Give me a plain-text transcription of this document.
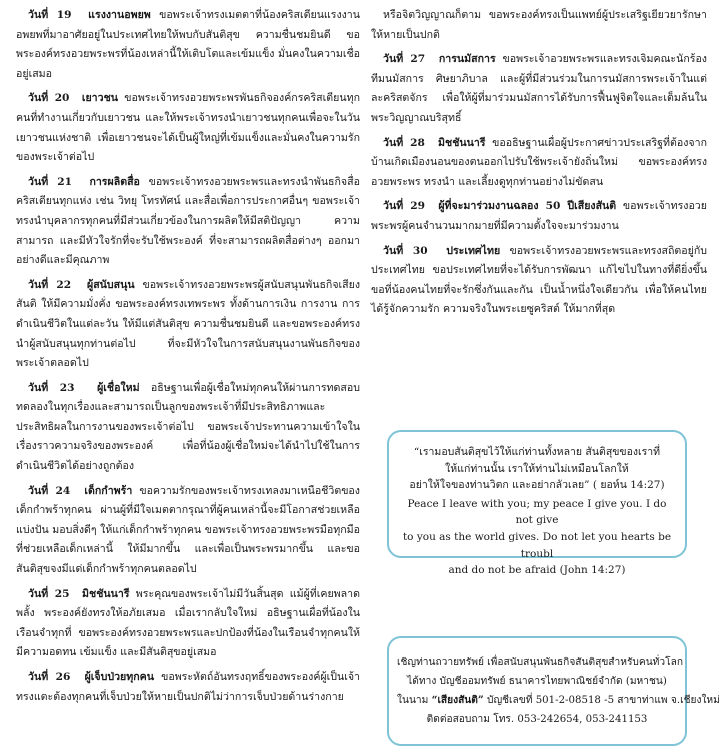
วันที่ 19 แรงงานอพยพ ขอพระเจ้าทรงเมตตาที่น้องคริสเตียนแรงงานอพยพที่มาอาศัยอยู่ในประเทศไทยให้พบกับสันติสุข ความชื่นชมยินดี ขอพระองค์ทรงอวยพระพรที่น้องเหล่านี้ให้เติบโตและเข้มแข็ง มั่นคงในความเชื่ออยู่เสมอ

วันที่ 20 เยาวชน ขอพระเจ้าทรงอวยพระพรพันธกิจองค์กรคริสเตียนทุกคนที่ทำงานเกี่ยวกับเยาวชน และให้พระเจ้าทรงนำเยาวชนทุกคนเพื่อจะในวันเยาวชนแห่งชาติ เพื่อเยาวชนจะได้เป็นผู้ใหญ่ที่เข้มแข็งและมั่นคงในความรักของพระเจ้าต่อไป

วันที่ 21 การผลิตสื่อ ขอพระเจ้าทรงอวยพระพรและทรงนำพันธกิจสื่อคริสเตียนทุกแห่ง เช่น วิทยุ โทรทัศน์ และสื่อเพื่อการประกาศอื่นๆ ขอพระเจ้าทรงนำบุคลากรทุกคนที่มีส่วนเกี่ยวข้องในการผลิตให้มีสติปัญญา ความสามารถ และมีหัวใจรักที่จะรับใช้พระองค์ ที่จะสามารถผลิตสื่อต่างๆ ออกมาอย่างดีและมีคุณภาพ

วันที่ 22 ผู้สนับสนุน ขอพระเจ้าทรงอวยพระพรผู้สนับสนุนพันธกิจเสียงสันติ ให้มีความมั่งคั่ง ขอพระองค์ทรงเทพระพร ทั้งด้านการเงิน การงาน การดำเนินชีวิตในแต่ละวัน ให้มีแต่สันติสุข ความชื่นชมยินดี และขอพระองค์ทรงนำผู้สนับสนุนทุกท่านต่อไป ที่จะมีหัวใจในการสนับสนุนงานพันธกิจของพระเจ้าตลอดไป

วันที่ 23 ผู้เชื่อใหม่ อธิษฐานเพื่อผู้เชื่อใหม่ทุกคนให้ผ่านการทดสอบทดลองในทุกเรื่องและสามารถเป็นลูกของพระเจ้าที่มีประสิทธิภาพและประสิทธิผลในการงานของพระเจ้าต่อไป ขอพระเจ้าประทานความเข้าใจในเรื่องราวความจริงของพระองค์ เพื่อที่น้องผู้เชื่อใหม่จะได้นำไปใช้ในการดำเนินชีวิตได้อย่างถูกต้อง

วันที่ 24 เด็กกำพร้า ขอความรักของพระเจ้าทรงเทลงมาเหนือชีวิตของเด็กกำพร้าทุกคน ผ่านผู้ที่มีใจเมตตากรุณาที่ผู้คนเหล่านี้จะมีโอกาสช่วยเหลือ แบ่งปัน มอบสิ่งดีๆ ให้แก่เด็กกำพร้าทุกคน ขอพระเจ้าทรงอวยพระพรมือทุกมือที่ช่วยเหลือเด็กเหล่านี้ ให้มีมากขึ้น และเพื่อเป็นพระพรมากขึ้น และขอสันติสุขจงมีแด่เด็กกำพร้าทุกคนตลอดไป

วันที่ 25 มิชชันนารี พระคุณของพระเจ้าไม่มีวันสิ้นสุด แม้ผู้ที่เคยพลาดพลั้ง พระองค์ยังทรงให้อภัยเสมอ เมื่อเรากลับใจใหม่ อธิษฐานเผื่อที่น้องในเรือนจำทุกที่ ขอพระองค์ทรงอวยพระพรและปกป้องที่น้องในเรือนจำทุกคนให้มีความอดทน เข้มแข็ง และมีสันติสุขอยู่เสมอ

วันที่ 26 ผู้เจ็บป่วยทุกคน ขอพระหัตถ์อันทรงฤทธิ์ของพระองค์ผู้เป็นเจ้าทรงแตะต้องทุกคนที่เจ็บป่วยให้หายเป็นปกติไม่ว่าการเจ็บป่วยด้านร่างกาย

หรือจิตวิญญาณก็ตาม ขอพระองค์ทรงเป็นแพทย์ผู้ประเสริฐเยียวยารักษาให้หายเป็นปกติ

วันที่ 27 การนมัสการ ขอพระเจ้าอวยพระพรและทรงเจิมคณะนักร้อง ทีมนมัสการ ศิษยาภิบาล และผู้ที่มีส่วนร่วมในการนมัสการพระเจ้าในแต่ละคริสตจักร เพื่อให้ผู้ที่มาร่วมนมัสการได้รับการฟื้นฟูจิตใจและเต็มล้นในพระวิญญาณบริสุทธิ์

วันที่ 28 มิชชันนารี ขออธิษฐานเผื่อผู้ประกาศข่าวประเสริฐที่ต้องจากบ้านเกิดเมืองนอนของตนออกไปรับใช้พระเจ้ายังถิ่นใหม่ ขอพระองค์ทรงอวยพระพร ทรงนำ และเลี้ยงดูทุกท่านอย่างไม่ขัดสน

วันที่ 29 ผู้ที่จะมาร่วมงานฉลอง 50 ปีเสียงสันติ ขอพระเจ้าทรงอวยพระพรผู้คนจำนวนมากมายที่มีความตั้งใจจะมาร่วมงาน

วันที่ 30 ประเทศไทย ขอพระเจ้าทรงอวยพระพรและทรงสถิตอยู่กับประเทศไทย ขอประเทศไทยที่จะได้รับการพัฒนา แก้ไขไปในทางที่ดียิ่งขึ้น ขอที่น้องคนไทยที่จะรักซึ่งกันและกัน เป็นน้ำหนึ่งใจเดียวกัน เพื่อให้คนไทยได้รู้จักความรัก ความจริงในพระเยซูคริสต์ ให้มากที่สุด

“เรามอบสันติสุขไว้ให้แก่ท่านทั้งหลาย สันติสุขของเราที่

ให้แก่ท่านนั้น เราให้ท่านไม่เหมือนโลกให้

อย่าให้ใจของท่านวิตก และอย่ากลัวเลย” ( ยอห์น 14:27)

Peace I leave with you; my peace I give you. I do not give

to you as the world gives. Do not let you hearts be troubl

and do not be afraid (John 14:27)

เชิญท่านถวายทรัพย์ เพื่อสนับสนุนพันธกิจสันติสุขสำหรับคนทั่วโลก

ได้ทาง บัญชีออมทรัพย์ ธนาคารไทยพาณิชย์จำกัด (มหาชน)

ในนาม “เสียงสันติ” บัญชีเลขที่ 501-2-08518 -5 สาขาท่าแพ จ.เชียงใหม่

ติดต่อสอบถาม โทร. 053-242654, 053-241153
